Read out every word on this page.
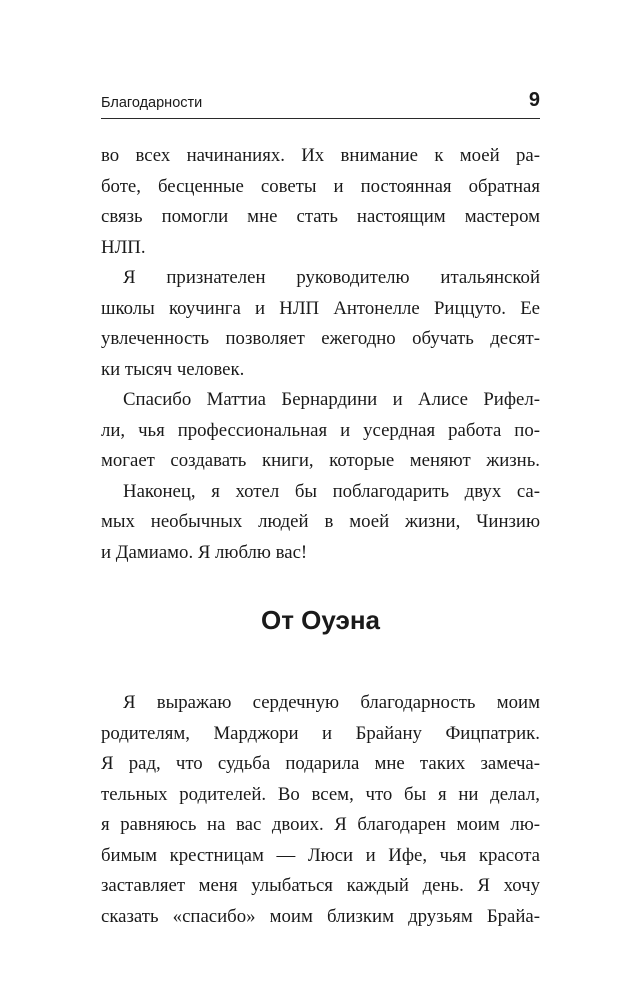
Благодарности	9
во всех начинаниях. Их внимание к моей ра-
боте, бесценные советы и постоянная обратная
связь помогли мне стать настоящим мастером
НЛП.
Я признателен руководителю итальянской
школы коучинга и НЛП Антонелле Риццуто. Ее
увлеченность позволяет ежегодно обучать десят-
ки тысяч человек.
Спасибо Маттиа Бернардини и Алисе Рифел-
ли, чья профессиональная и усердная работа по-
могает создавать книги, которые меняют жизнь.
Наконец, я хотел бы поблагодарить двух са-
мых необычных людей в моей жизни, Чинзию
и Дамиамо. Я люблю вас!
От Оуэна
Я выражаю сердечную благодарность моим
родителям, Марджори и Брайану Фицпатрик.
Я рад, что судьба подарила мне таких замеча-
тельных родителей. Во всем, что бы я ни делал,
я равняюсь на вас двоих. Я благодарен моим лю-
бимым крестницам — Люси и Ифе, чья красота
заставляет меня улыбаться каждый день. Я хочу
сказать «спасибо» моим близким друзьям Брайа-
